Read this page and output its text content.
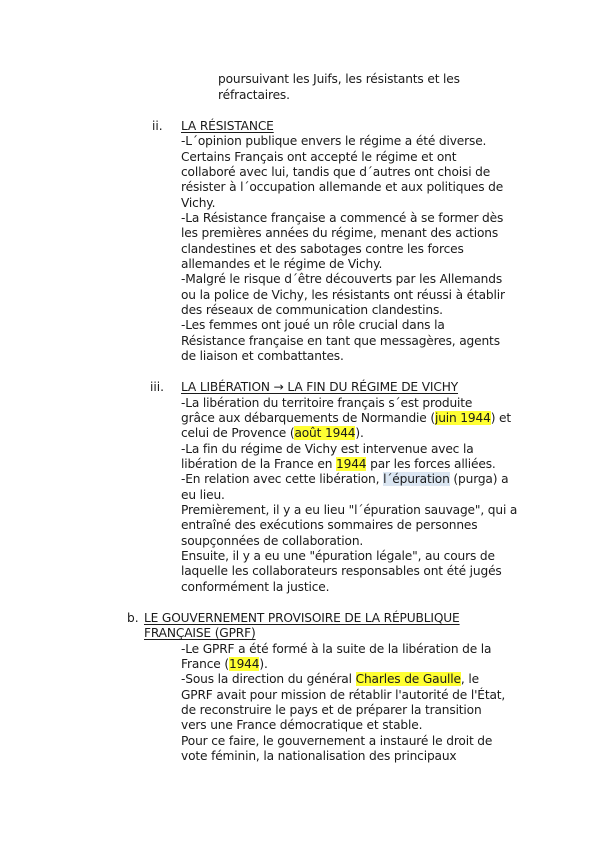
poursuivant les Juifs, les résistants et les
réfractaires.
ii. LA RÉSISTANCE
-L´opinion publique envers le régime a été diverse.
Certains Français ont accepté le régime et ont
collaboré avec lui, tandis que d´autres ont choisi de
résister à l´occupation allemande et aux politiques de
Vichy.
-La Résistance française a commencé à se former dès
les premières années du régime, menant des actions
clandestines et des sabotages contre les forces
allemandes et le régime de Vichy.
-Malgré le risque d´être découverts par les Allemands
ou la police de Vichy, les résistants ont réussi à établir
des réseaux de communication clandestins.
-Les femmes ont joué un rôle crucial dans la
Résistance française en tant que messagères, agents
de liaison et combattantes.
iii. LA LIBÉRATION → LA FIN DU RÉGIME DE VICHY
-La libération du territoire français s´est produite
grâce aux débarquements de Normandie (juin 1944) et
celui de Provence (août 1944).
-La fin du régime de Vichy est intervenue avec la
libération de la France en 1944 par les forces alliées.
-En relation avec cette libération, l´épuration (purga) a
eu lieu.
Premièrement, il y a eu lieu "l´épuration sauvage", qui a
entraîné des exécutions sommaires de personnes
soupçonnées de collaboration.
Ensuite, il y a eu une "épuration légale", au cours de
laquelle les collaborateurs responsables ont été jugés
conformément la justice.
b. LE GOUVERNEMENT PROVISOIRE DE LA RÉPUBLIQUE
FRANÇAISE (GPRF)
-Le GPRF a été formé à la suite de la libération de la
France (1944).
-Sous la direction du général Charles de Gaulle, le
GPRF avait pour mission de rétablir l'autorité de l'État,
de reconstruire le pays et de préparer la transition
vers une France démocratique et stable.
Pour ce faire, le gouvernement a instauré le droit de
vote féminin, la nationalisation des principaux
